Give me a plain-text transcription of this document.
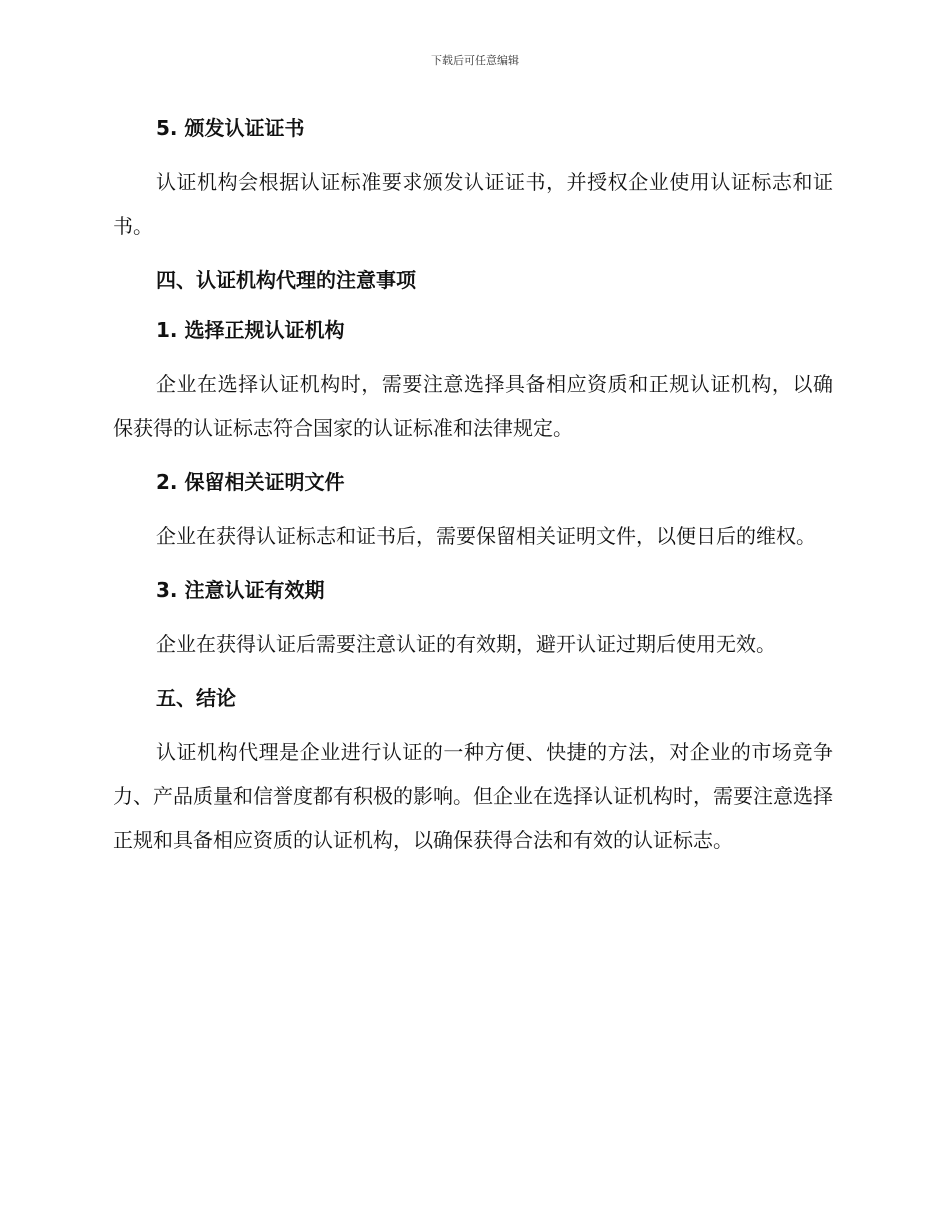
下载后可任意编辑
5. 颁发认证证书

认证机构会根据认证标准要求颁发认证证书，并授权企业使用认证标志和证书。

四、认证机构代理的注意事项
1. 选择正规认证机构

企业在选择认证机构时，需要注意选择具备相应资质和正规认证机构，以确保获得的认证标志符合国家的认证标准和法律规定。

2. 保留相关证明文件

企业在获得认证标志和证书后，需要保留相关证明文件，以便日后的维权。

3. 注意认证有效期

企业在获得认证后需要注意认证的有效期，避开认证过期后使用无效。

五、结论

认证机构代理是企业进行认证的一种方便、快捷的方法，对企业的市场竞争力、产品质量和信誉度都有积极的影响。但企业在选择认证机构时，需要注意选择正规和具备相应资质的认证机构，以确保获得合法和有效的认证标志。
